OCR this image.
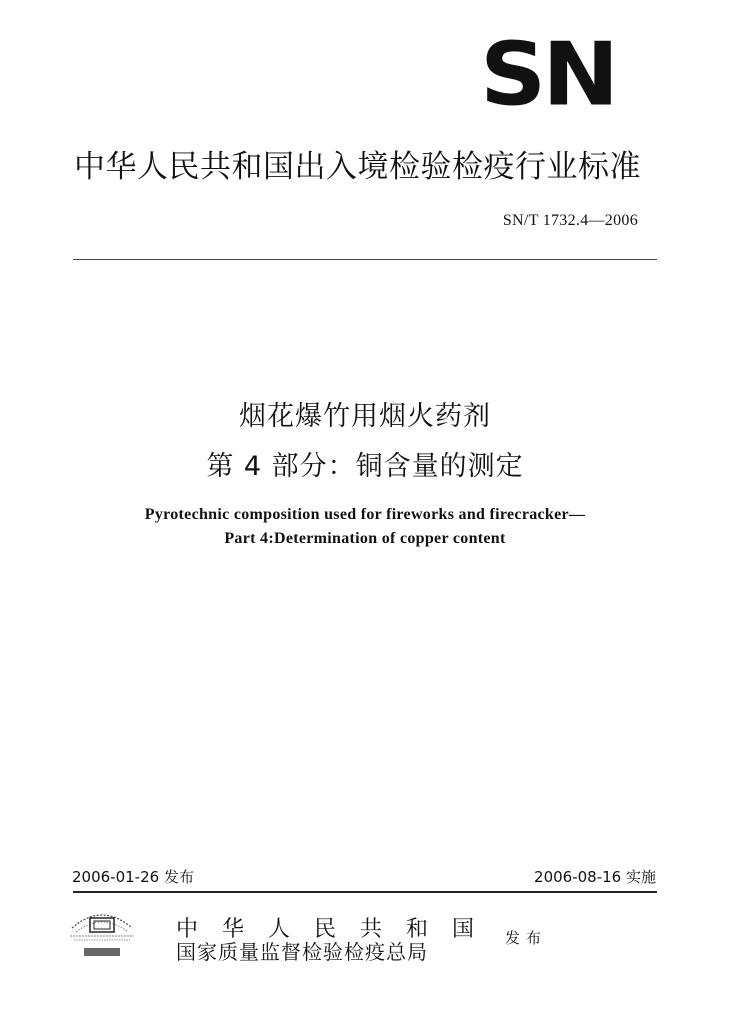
SN
中华人民共和国出入境检验检疫行业标准
SN/T 1732.4—2006
烟花爆竹用烟火药剂
第 4 部分：铜含量的测定
Pyrotechnic composition used for fireworks and firecracker—
Part 4:Determination of copper content
2006-01-26 发布	2006-08-16 实施
中华人民共和国
国家质量监督检验检疫总局
发布
